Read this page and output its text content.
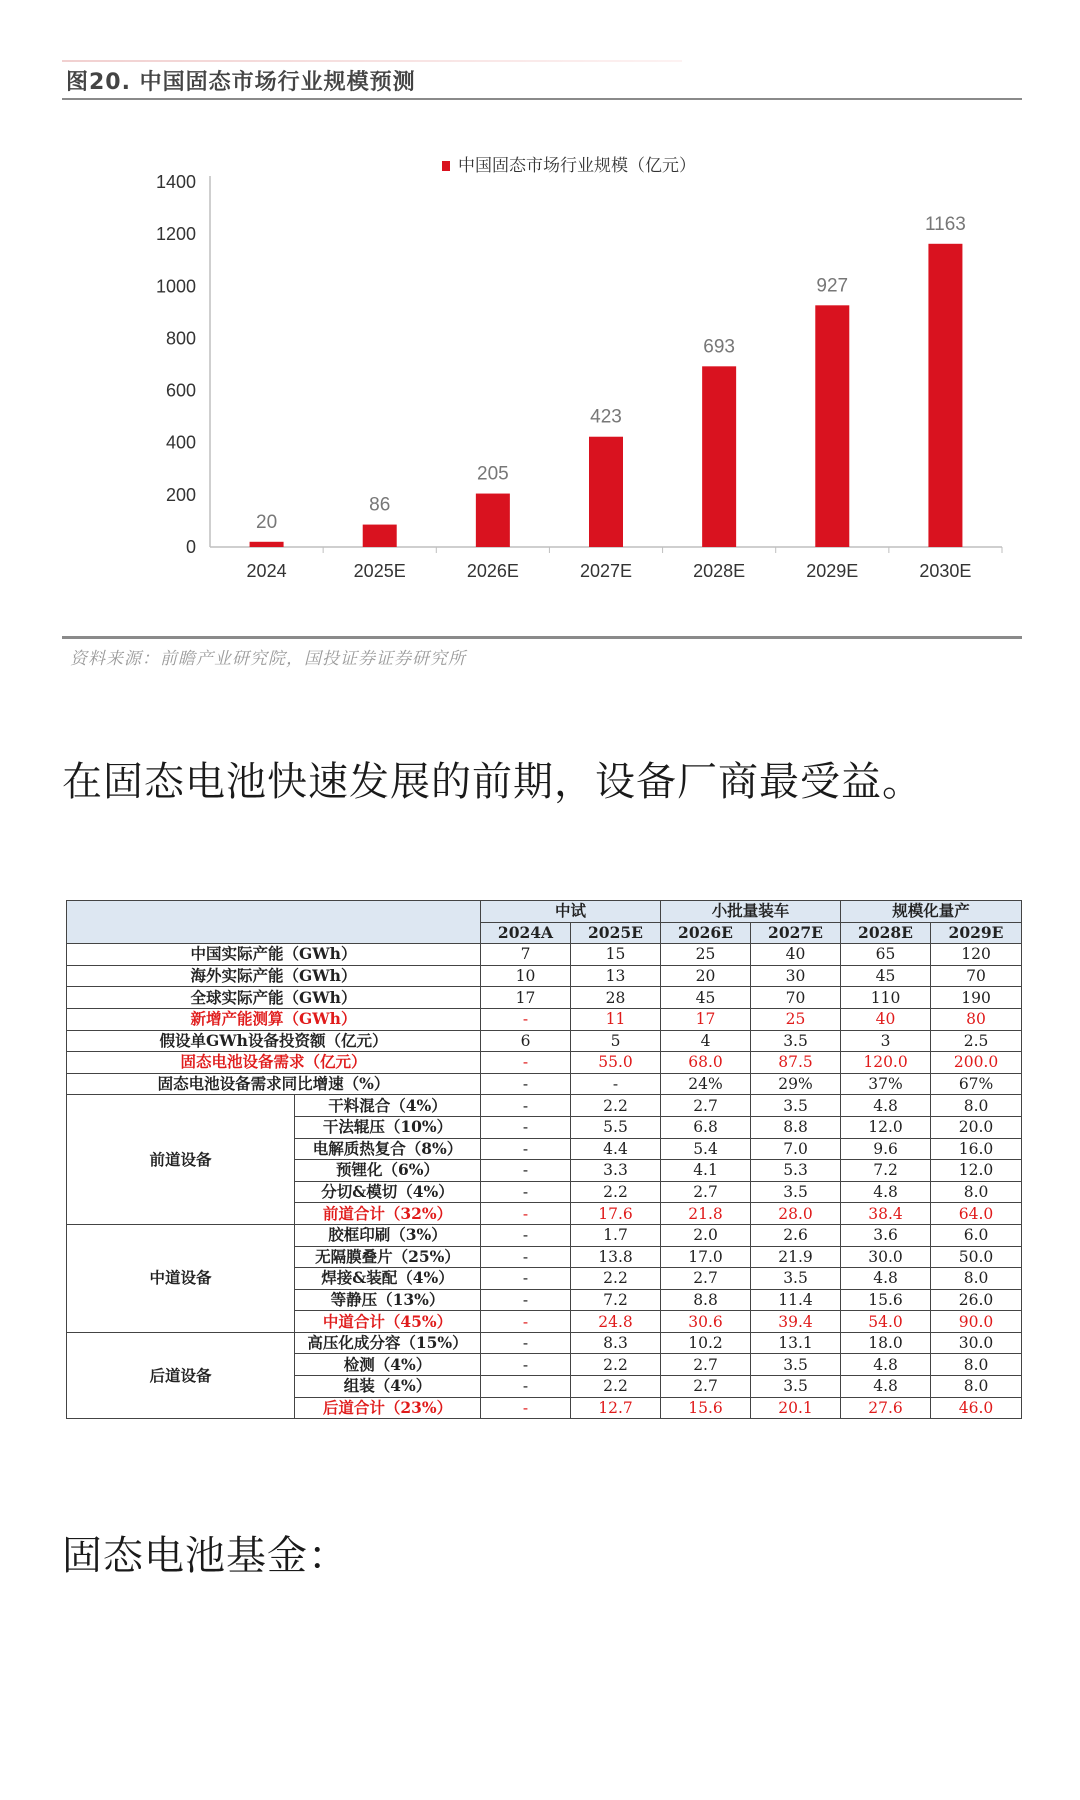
图20. 中国固态市场行业规模预测
0
200
400
600
800
1000
1200
1400
20
2024
86
2025E
205
2026E
423
2027E
693
2028E
927
2029E
1163
2030E
中国固态市场行业规模（亿元）
资料来源：前瞻产业研究院，国投证券证券研究所
在固态电池快速发展的前期，设备厂商最受益。
		中试		小批量装车		规模化量产	
		2024A	2025E	2026E	2027E	2028E	2029E
中国实际产能（GWh）		7	15	25	40	65	120
海外实际产能（GWh）		10	13	20	30	45	70
全球实际产能（GWh）		17	28	45	70	110	190
新增产能测算（GWh）		-	11	17	25	40	80
假设单GWh设备投资额（亿元）		6	5	4	3.5	3	2.5
固态电池设备需求（亿元）		-	55.0	68.0	87.5	120.0	200.0
固态电池设备需求同比增速（%）		-	-	24%	29%	37%	67%
前道设备	干料混合（4%）	-	2.2	2.7	3.5	4.8	8.0
	干法辊压（10%）	-	5.5	6.8	8.8	12.0	20.0
	电解质热复合（8%）	-	4.4	5.4	7.0	9.6	16.0
	预锂化（6%）	-	3.3	4.1	5.3	7.2	12.0
	分切&模切（4%）	-	2.2	2.7	3.5	4.8	8.0
	前道合计（32%）	-	17.6	21.8	28.0	38.4	64.0
中道设备	胶框印刷（3%）	-	1.7	2.0	2.6	3.6	6.0
	无隔膜叠片（25%）	-	13.8	17.0	21.9	30.0	50.0
	焊接&装配（4%）	-	2.2	2.7	3.5	4.8	8.0
	等静压（13%）	-	7.2	8.8	11.4	15.6	26.0
	中道合计（45%）	-	24.8	30.6	39.4	54.0	90.0
后道设备	高压化成分容（15%）	-	8.3	10.2	13.1	18.0	30.0
	检测（4%）	-	2.2	2.7	3.5	4.8	8.0
	组装（4%）	-	2.2	2.7	3.5	4.8	8.0
	后道合计（23%）	-	12.7	15.6	20.1	27.6	46.0
固态电池基金：
